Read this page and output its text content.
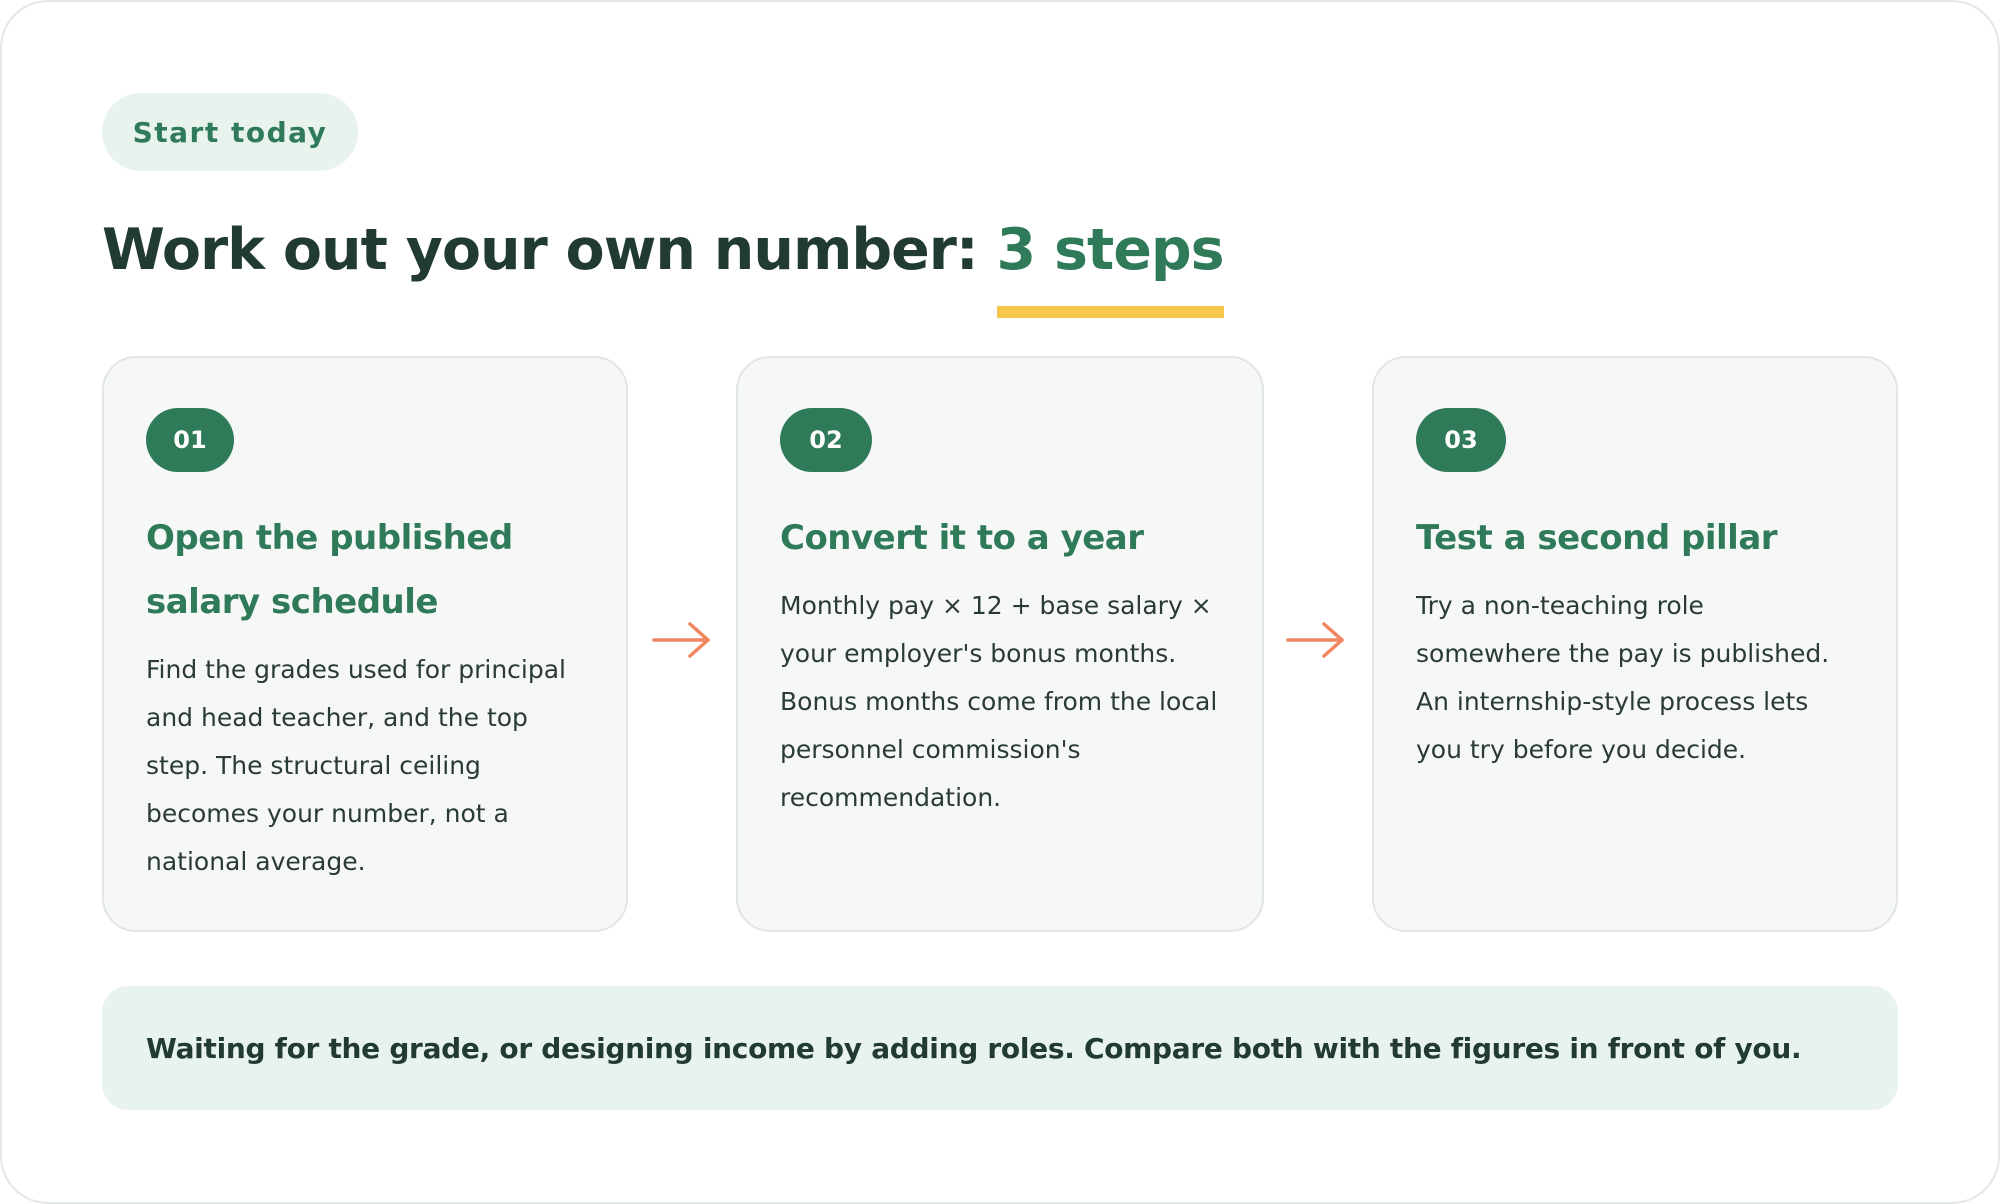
Start today
Work out your own number: 3 steps
01
Open the published salary schedule

Find the grades used for principal and head teacher, and the top step. The structural ceiling becomes your number, not a national average.

02
Convert it to a year

Monthly pay × 12 + base salary × your employer's bonus months. Bonus months come from the local personnel commission's recommendation.

03
Test a second pillar

Try a non-teaching role somewhere the pay is published. An internship-style process lets you try before you decide.

Waiting for the grade, or designing income by adding roles. Compare both with the figures in front of you.
